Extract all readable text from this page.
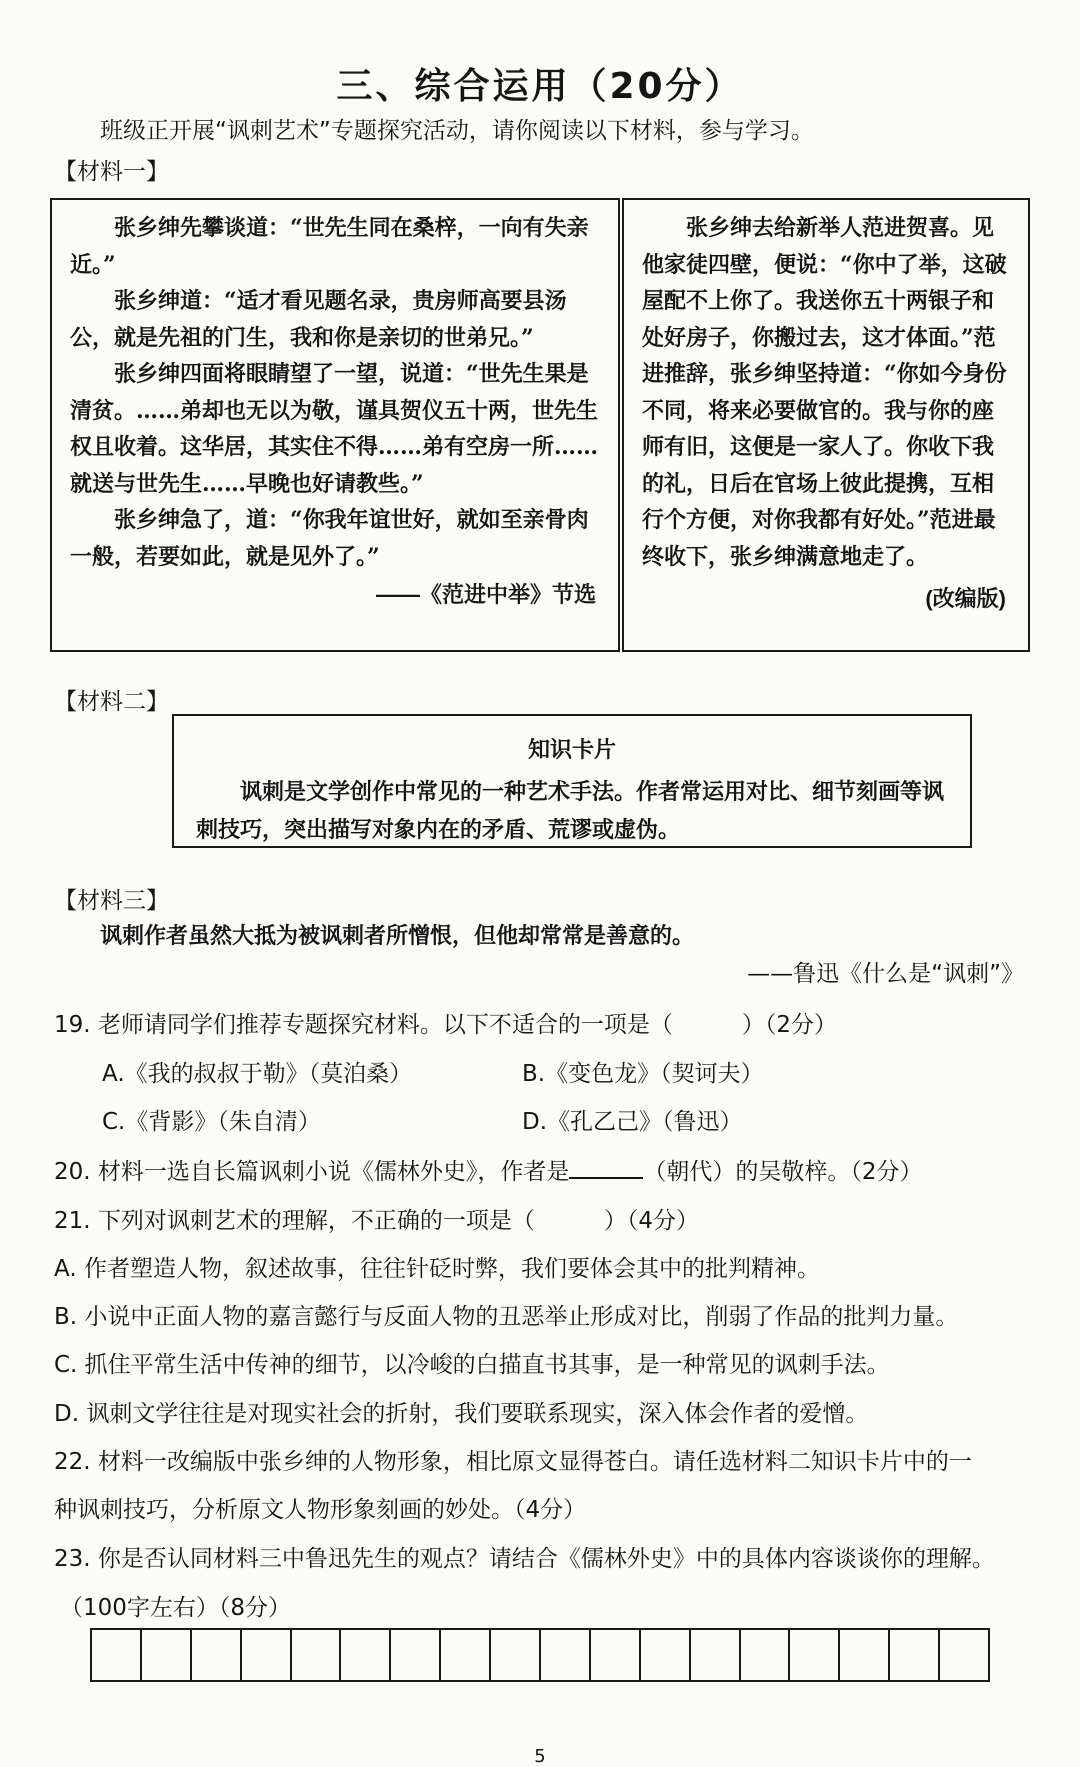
三、综合运用（20分）
班级正开展“讽刺艺术”专题探究活动，请你阅读以下材料，参与学习。
【材料一】

张乡绅先攀谈道：“世先生同在桑梓，一向有失亲近。”

张乡绅道：“适才看见题名录，贵房师高要县汤公，就是先祖的门生，我和你是亲切的世弟兄。”

张乡绅四面将眼睛望了一望，说道：“世先生果是清贫。……弟却也无以为敬，谨具贺仪五十两，世先生权且收着。这华居，其实住不得……弟有空房一所……就送与世先生……早晚也好请教些。”

张乡绅急了，道：“你我年谊世好，就如至亲骨肉一般，若要如此，就是见外了。”

——《范进中举》节选

张乡绅去给新举人范进贺喜。见他家徒四壁，便说：“你中了举，这破屋配不上你了。我送你五十两银子和 处好房子，你搬过去，这才体面。”范进推辞，张乡绅坚持道：“你如今身份不同，将来必要做官的。我与你的座师有旧，这便是一家人了。你收下我的礼，日后在官场上彼此提携，互相行个方便，对你我都有好处。”范进最终收下，张乡绅满意地走了。

(改编版)
【材料二】

知识卡片

讽刺是文学创作中常见的一种艺术手法。作者常运用对比、细节刻画等讽刺技巧，突出描写对象内在的矛盾、荒谬或虚伪。

【材料三】
讽刺作者虽然大抵为被讽刺者所憎恨，但他却常常是善意的。
——鲁迅《什么是“讽刺”》
19. 老师请同学们推荐专题探究材料。以下不适合的一项是（　　　）（2分）
A.《我的叔叔于勒》（莫泊桑）	B.《变色龙》（契诃夫）
C.《背影》（朱自清）	D.《孔乙己》（鲁迅）
20. 材料一选自长篇讽刺小说《儒林外史》，作者是	（朝代）的吴敬梓。（2分）
21. 下列对讽刺艺术的理解，不正确的一项是（　　　）（4分）
A. 作者塑造人物，叙述故事，往往针砭时弊，我们要体会其中的批判精神。
B. 小说中正面人物的嘉言懿行与反面人物的丑恶举止形成对比，削弱了作品的批判力量。
C. 抓住平常生活中传神的细节，以冷峻的白描直书其事，是一种常见的讽刺手法。
D. 讽刺文学往往是对现实社会的折射，我们要联系现实，深入体会作者的爱憎。
22. 材料一改编版中张乡绅的人物形象，相比原文显得苍白。请任选材料二知识卡片中的一
种讽刺技巧，分析原文人物形象刻画的妙处。（4分）
23. 你是否认同材料三中鲁迅先生的观点？请结合《儒林外史》中的具体内容谈谈你的理解。
（100字左右）（8分）
5
